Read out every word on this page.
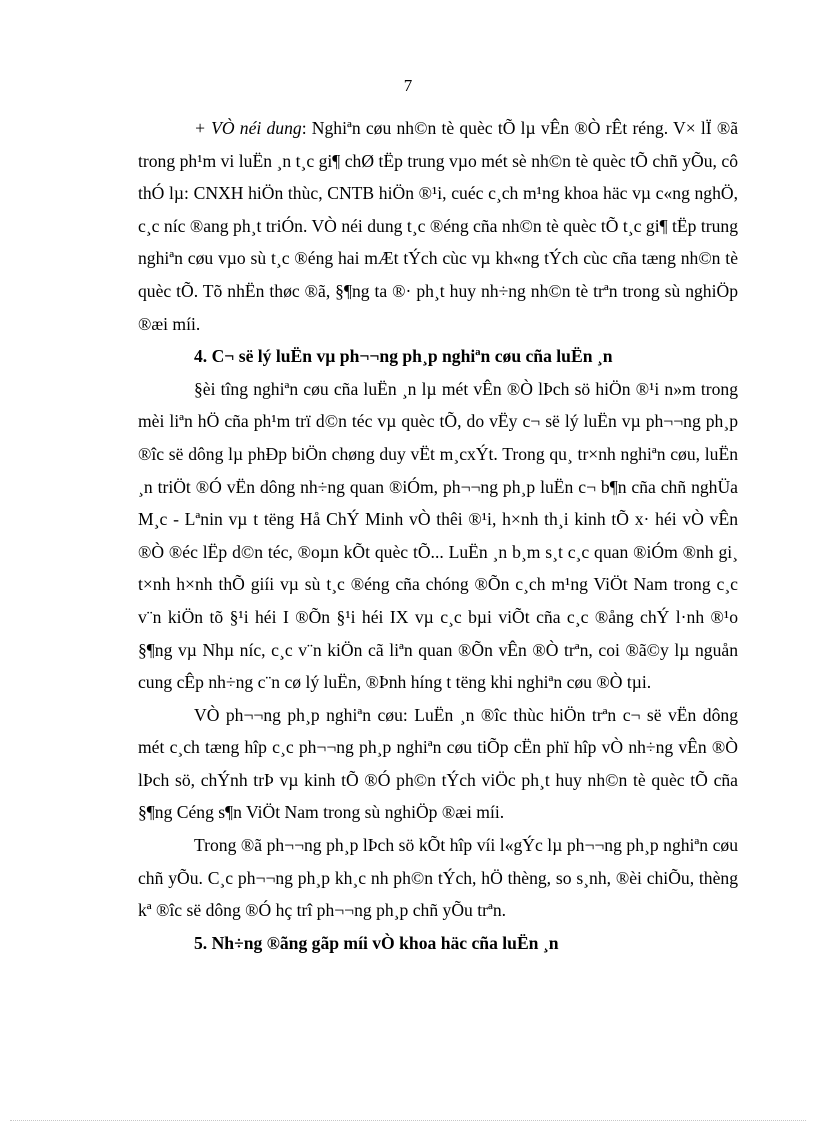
7

+ VÒ néi dung: Nghiªn cøu nh©n tè quèc tÕ lµ vÊn ®Ò rÊt réng. V× lÏ ®ã trong ph¹m vi luËn ¸n t¸c gi¶ chØ tËp trung vµo mét sè nh©n tè quèc tÕ chñ yÕu, cô thÓ lµ: CNXH hiÖn thùc, CNTB hiÖn ®¹i, cuéc c¸ch m¹ng khoa häc vµ c«ng nghÖ, c¸c níc ®ang ph¸t triÓn. VÒ néi dung t¸c ®éng cña nh©n tè quèc tÕ t¸c gi¶ tËp trung nghiªn cøu vµo sù t¸c ®éng hai mÆt tÝch cùc vµ kh«ng tÝch cùc cña tæng nh©n tè quèc tÕ. Tõ nhËn thøc ®ã, §¶ng ta ®· ph¸t huy nh÷ng nh©n tè trªn trong sù nghiÖp ®æi míi.

4. C¬ së lý luËn vµ ph¬¬ng ph¸p nghiªn cøu cña luËn ¸n

§èi tîng nghiªn cøu cña luËn ¸n lµ mét vÊn ®Ò lÞch sö hiÖn ®¹i n»m trong mèi liªn hÖ cña ph¹m trï d©n téc vµ quèc tÕ, do vËy c¬ së lý luËn vµ ph¬¬ng ph¸p ®îc së dông lµ phÐp biÖn chøng duy vËt m¸cxÝt. Trong qu¸ tr×nh nghiªn cøu, luËn ¸n triÖt ®Ó vËn dông nh÷ng quan ®iÓm, ph¬¬ng ph¸p luËn c¬ b¶n cña chñ nghÜa M¸c - Lªnin vµ t tëng Hå ChÝ Minh vÒ thêi ®¹i, h×nh th¸i kinh tÕ x· héi vÒ vÊn ®Ò ®éc lËp d©n téc, ®oµn kÕt quèc tÕ... LuËn ¸n b¸m s¸t c¸c quan ®iÓm ®nh gi¸ t×nh h×nh thÕ giíi vµ sù t¸c ®éng cña chóng ®Õn c¸ch m¹ng ViÖt Nam trong c¸c v¨n kiÖn tõ §¹i héi I ®Õn §¹i héi IX vµ c¸c bµi viÕt cña c¸c ®ång chÝ l·nh ®¹o §¶ng vµ Nhµ níc, c¸c v¨n kiÖn cã liªn quan ®Õn vÊn ®Ò trªn, coi ®ã©y lµ nguån cung cÊp nh÷ng c¨n cø lý luËn, ®Þnh híng t tëng khi nghiªn cøu ®Ò tµi.

VÒ ph¬¬ng ph¸p nghiªn cøu: LuËn ¸n ®îc thùc hiÖn trªn c¬ së vËn dông mét c¸ch tæng hîp c¸c ph¬¬ng ph¸p nghiªn cøu tiÕp cËn phï hîp vÒ nh÷ng vÊn ®Ò lÞch sö, chÝnh trÞ vµ kinh tÕ ®Ó ph©n tÝch viÖc ph¸t huy nh©n tè quèc tÕ cña §¶ng Céng s¶n ViÖt Nam trong sù nghiÖp ®æi míi.

Trong ®ã ph¬¬ng ph¸p lÞch sö kÕt hîp víi l«gÝc lµ ph¬¬ng ph¸p nghiªn cøu chñ yÕu. C¸c ph¬¬ng ph¸p kh¸c nh ph©n tÝch, hÖ thèng, so s¸nh, ®èi chiÕu, thèng kª ®îc së dông ®Ó hç trî ph¬¬ng ph¸p chñ yÕu trªn.

5. Nh÷ng ®ãng gãp míi vÒ khoa häc cña luËn ¸n
